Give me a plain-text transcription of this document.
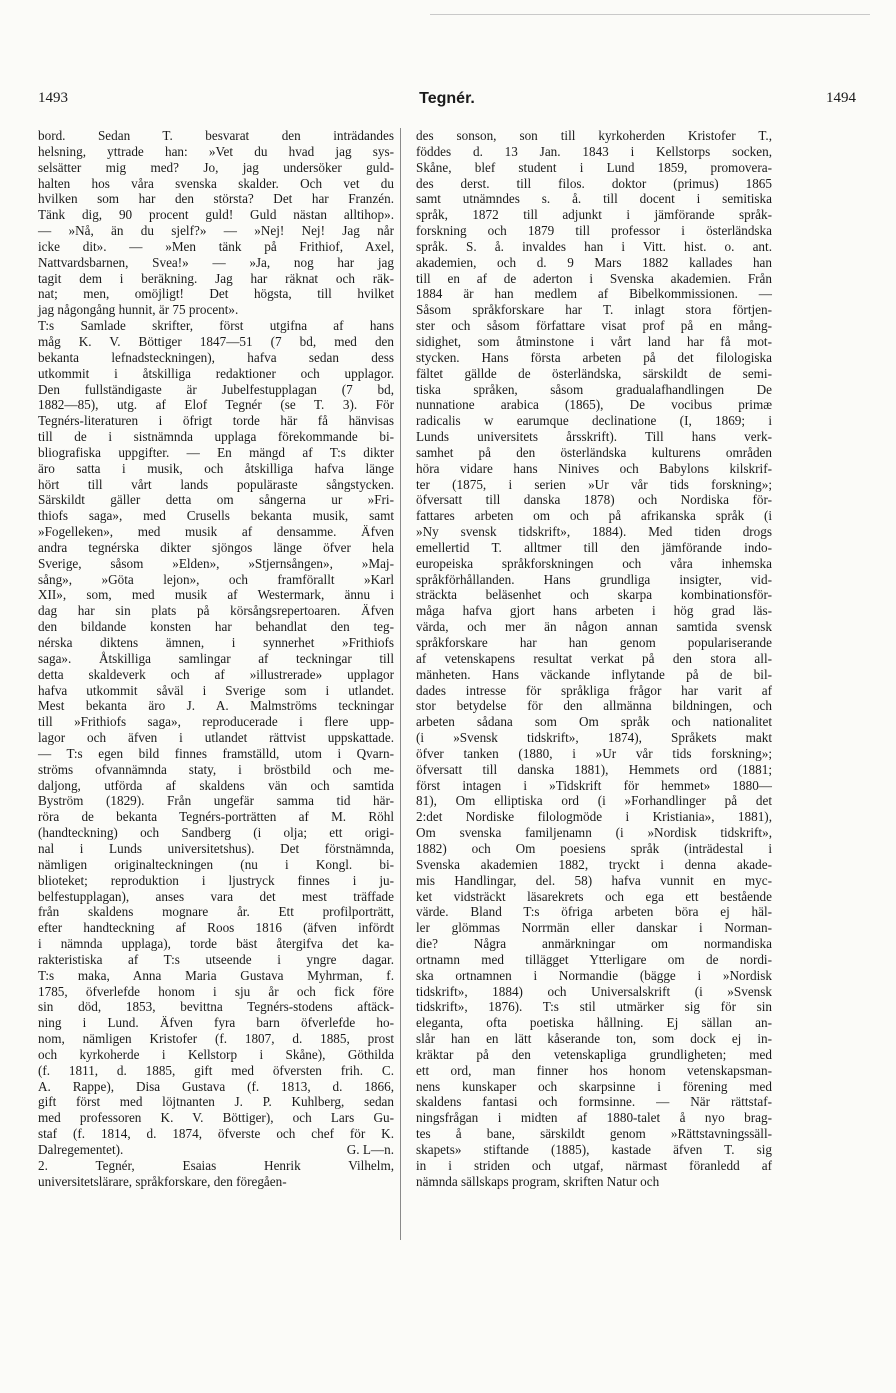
1493	Tegnér.	1494
bord. Sedan T. besvarat den inträdandes
helsning, yttrade han: »Vet du hvad jag sys-
selsätter mig med? Jo, jag undersöker guld-
halten hos våra svenska skalder. Och vet du
hvilken som har den största? Det har Franzén.
Tänk dig, 90 procent guld! Guld nästan alltihop».
— »Nå, än du sjelf?» — »Nej! Nej! Jag når
icke dit». — »Men tänk på Frithiof, Axel,
Nattvardsbarnen, Svea!» — »Ja, nog har jag
tagit dem i beräkning. Jag har räknat och räk-
nat; men, omöjligt! Det högsta, till hvilket
jag någongång hunnit, är 75 procent».
T:s Samlade skrifter, först utgifna af hans
måg K. V. Böttiger 1847—51 (7 bd, med den
bekanta lefnadsteckningen), hafva sedan dess
utkommit i åtskilliga redaktioner och upplagor.
Den fullständigaste är Jubelfestupplagan (7 bd,
1882—85), utg. af Elof Tegnér (se T. 3). För
Tegnérs-literaturen i öfrigt torde här få hänvisas
till de i sistnämnda upplaga förekommande bi-
bliografiska uppgifter. — En mängd af T:s dikter
äro satta i musik, och åtskilliga hafva länge
hört till vårt lands populäraste sångstycken.
Särskildt gäller detta om sångerna ur »Fri-
thiofs saga», med Crusells bekanta musik, samt
»Fogelleken», med musik af densamme. Äfven
andra tegnérska dikter sjöngos länge öfver hela
Sverige, såsom »Elden», »Stjernsången», »Maj-
sång», »Göta lejon», och framförallt »Karl
XII», som, med musik af Westermark, ännu i
dag har sin plats på körsångsrepertoaren. Äfven
den bildande konsten har behandlat den teg-
nérska diktens ämnen, i synnerhet »Frithiofs
saga». Åtskilliga samlingar af teckningar till
detta skaldeverk och af »illustrerade» upplagor
hafva utkommit såväl i Sverige som i utlandet.
Mest bekanta äro J. A. Malmströms teckningar
till »Frithiofs saga», reproducerade i flere upp-
lagor och äfven i utlandet rättvist uppskattade.
— T:s egen bild finnes framställd, utom i Qvarn-
ströms ofvannämnda staty, i bröstbild och me-
daljong, utförda af skaldens vän och samtida
Byström (1829). Från ungefär samma tid här-
röra de bekanta Tegnérs-porträtten af M. Röhl
(handteckning) och Sandberg (i olja; ett origi-
nal i Lunds universitetshus). Det förstnämnda,
nämligen originalteckningen (nu i Kongl. bi-
blioteket; reproduktion i ljustryck finnes i ju-
belfestupplagan), anses vara det mest träffade
från skaldens mognare år. Ett profilporträtt,
efter handteckning af Roos 1816 (äfven infördt
i nämnda upplaga), torde bäst återgifva det ka-
rakteristiska af T:s utseende i yngre dagar.
T:s maka, Anna Maria Gustava Myhrman, f.
1785, öfverlefde honom i sju år och fick före
sin död, 1853, bevittna Tegnérs-stodens aftäck-
ning i Lund. Äfven fyra barn öfverlefde ho-
nom, nämligen Kristofer (f. 1807, d. 1885, prost
och kyrkoherde i Kellstorp i Skåne), Göthilda
(f. 1811, d. 1885, gift med öfversten frih. C.
A. Rappe), Disa Gustava (f. 1813, d. 1866,
gift först med löjtnanten J. P. Kuhlberg, sedan
med professoren K. V. Böttiger), och Lars Gu-
staf (f. 1814, d. 1874, öfverste och chef för K.
Dalregementet).	G. L—n.
2. Tegnér, Esaias Henrik Vilhelm,
universitetslärare, språkforskare, den föregåen-
des sonson, son till kyrkoherden Kristofer T.,
föddes d. 13 Jan. 1843 i Kellstorps socken,
Skåne, blef student i Lund 1859, promovera-
des derst. till filos. doktor (primus) 1865
samt utnämndes s. å. till docent i semitiska
språk, 1872 till adjunkt i jämförande språk-
forskning och 1879 till professor i österländska
språk. S. å. invaldes han i Vitt. hist. o. ant.
akademien, och d. 9 Mars 1882 kallades han
till en af de aderton i Svenska akademien. Från
1884 är han medlem af Bibelkommissionen. —
Såsom språkforskare har T. inlagt stora förtjen-
ster och såsom författare visat prof på en mång-
sidighet, som åtminstone i vårt land har få mot-
stycken. Hans första arbeten på det filologiska
fältet gällde de österländska, särskildt de semi-
tiska språken, såsom gradualafhandlingen De
nunnatione arabica (1865), De vocibus primæ
radicalis w earumque declinatione (I, 1869; i
Lunds universitets årsskrift). Till hans verk-
samhet på den österländska kulturens områden
höra vidare hans Ninives och Babylons kilskrif-
ter (1875, i serien »Ur vår tids forskning»;
öfversatt till danska 1878) och Nordiska för-
fattares arbeten om och på afrikanska språk (i
»Ny svensk tidskrift», 1884). Med tiden drogs
emellertid T. alltmer till den jämförande indo-
europeiska språkforskningen och våra inhemska
språkförhållanden. Hans grundliga insigter, vid-
sträckta beläsenhet och skarpa kombinationsför-
måga hafva gjort hans arbeten i hög grad läs-
värda, och mer än någon annan samtida svensk
språkforskare har han genom populariserande
af vetenskapens resultat verkat på den stora all-
mänheten. Hans väckande inflytande på de bil-
dades intresse för språkliga frågor har varit af
stor betydelse för den allmänna bildningen, och
arbeten sådana som Om språk och nationalitet
(i »Svensk tidskrift», 1874), Språkets makt
öfver tanken (1880, i »Ur vår tids forskning»;
öfversatt till danska 1881), Hemmets ord (1881;
först intagen i »Tidskrift för hemmet» 1880—
81), Om elliptiska ord (i »Forhandlinger på det
2:det Nordiske filologmöde i Kristiania», 1881),
Om svenska familjenamn (i »Nordisk tidskrift»,
1882) och Om poesiens språk (inträdestal i
Svenska akademien 1882, tryckt i denna akade-
mis Handlingar, del. 58) hafva vunnit en myc-
ket vidsträckt läsarekrets och ega ett bestående
värde. Bland T:s öfriga arbeten böra ej häl-
ler glömmas Norrmän eller danskar i Norman-
die? Några anmärkningar om normandiska
ortnamn med tillägget Ytterligare om de nordi-
ska ortnamnen i Normandie (bägge i »Nordisk
tidskrift», 1884) och Universalskrift (i »Svensk
tidskrift», 1876). T:s stil utmärker sig för sin
eleganta, ofta poetiska hållning. Ej sällan an-
slår han en lätt kåserande ton, som dock ej in-
kräktar på den vetenskapliga grundligheten; med
ett ord, man finner hos honom vetenskapsman-
nens kunskaper och skarpsinne i förening med
skaldens fantasi och formsinne. — När rättstaf-
ningsfrågan i midten af 1880-talet å nyo brag-
tes å bane, särskildt genom »Rättstavningssäll-
skapets» stiftande (1885), kastade äfven T. sig
in i striden och utgaf, närmast föranledd af
nämnda sällskaps program, skriften Natur och
